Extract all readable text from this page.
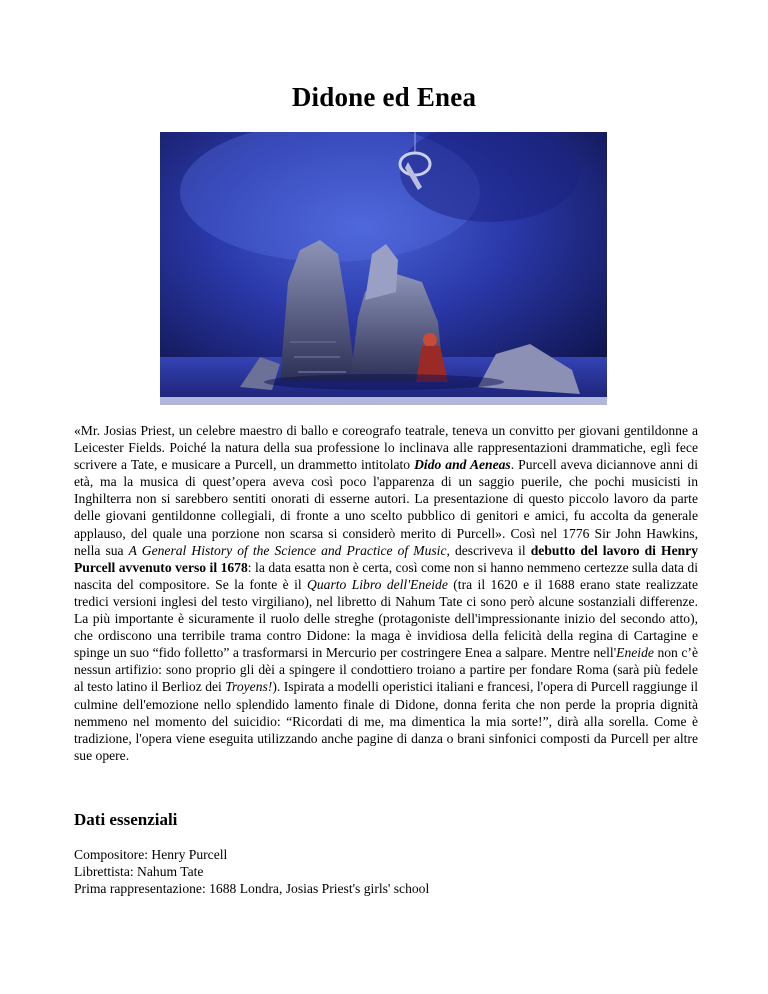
Didone ed Enea

«Mr. Josias Priest, un celebre maestro di ballo e coreografo teatrale, teneva un convitto per giovani gentildonne a Leicester Fields. Poiché la natura della sua professione lo inclinava alle rappresentazioni drammatiche, eglì fece scrivere a Tate, e musicare a Purcell, un drammetto intitolato Dido and Aeneas. Purcell aveva diciannove anni di età, ma la musica di quest’opera aveva così poco l'apparenza di un saggio puerile, che pochi musicisti in Inghilterra non si sarebbero sentiti onorati di esserne autori. La presentazione di questo piccolo lavoro da parte delle giovani gentildonne collegiali, di fronte a uno scelto pubblico di genitori e amici, fu accolta da generale applauso, del quale una porzione non scarsa si considerò merito di Purcell». Così nel 1776 Sir John Hawkins, nella sua A General History of the Science and Practice of Music, descriveva il debutto del lavoro di Henry Purcell avvenuto verso il 1678: la data esatta non è certa, così come non si hanno nemmeno certezze sulla data di nascita del compositore. Se la fonte è il Quarto Libro dell'Eneide (tra il 1620 e il 1688 erano state realizzate tredici versioni inglesi del testo virgiliano), nel libretto di Nahum Tate ci sono però alcune sostanziali differenze. La più importante è sicuramente il ruolo delle streghe (protagoniste dell'impressionante inizio del secondo atto), che ordiscono una terribile trama contro Didone: la maga è invidiosa della felicità della regina di Cartagine e spinge un suo “fido folletto” a trasformarsi in Mercurio per costringere Enea a salpare. Mentre nell'Eneide non c’è nessun artifizio: sono proprio gli dèi a spingere il condottiero troiano a partire per fondare Roma (sarà più fedele al testo latino il Berlioz dei Troyens!). Ispirata a modelli operistici italiani e francesi, l'opera di Purcell raggiunge il culmine dell'emozione nello splendido lamento finale di Didone, donna ferita che non perde la propria dignità nemmeno nel momento del suicidio: “Ricordati di me, ma dimentica la mia sorte!”, dirà alla sorella. Come è tradizione, l'opera viene eseguita utilizzando anche pagine di danza o brani sinfonici composti da Purcell per altre sue opere.

Dati essenziali
Compositore: Henry Purcell
Librettista: Nahum Tate
Prima rappresentazione: 1688 Londra, Josias Priest's girls' school
